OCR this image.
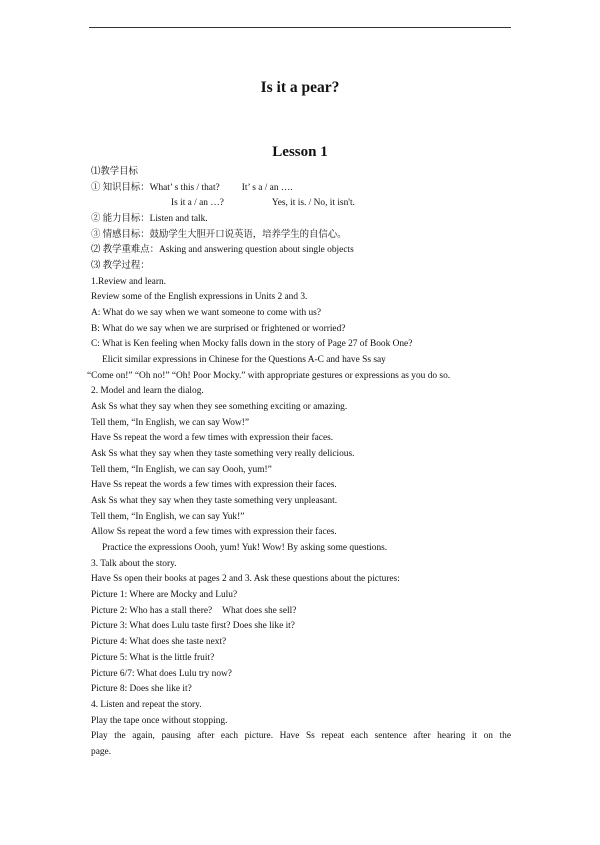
Is it a pear?
Lesson 1
⑴教学目标
① 知识目标：What’ s this / that? It’ s a / an ….
Is it a / an …?	Yes, it is. / No, it isn't.
② 能力目标：Listen and talk.
③ 情感目标：鼓励学生大胆开口说英语，培养学生的自信心。
⑵ 教学重难点：Asking and answering question about single objects
⑶ 教学过程：
1.Review and learn.
Review some of the English expressions in Units 2 and 3.
A: What do we say when we want someone to come with us?
B: What do we say when we are surprised or frightened or worried?
C: What is Ken feeling when Mocky falls down in the story of Page 27 of Book One?
Elicit similar expressions in Chinese for the Questions A-C and have Ss say
“Come on!” “Oh no!” “Oh! Poor Mocky.” with appropriate gestures or expressions as you do so.
2. Model and learn the dialog.
Ask Ss what they say when they see something exciting or amazing.
Tell them, “In English, we can say Wow!”
Have Ss repeat the word a few times with expression their faces.
Ask Ss what they say when they taste something very really delicious.
Tell them, “In English, we can say Oooh, yum!”
Have Ss repeat the words a few times with expression their faces.
Ask Ss what they say when they taste something very unpleasant.
Tell them, “In English, we can say Yuk!”
Allow Ss repeat the word a few times with expression their faces.
Practice the expressions Oooh, yum! Yuk! Wow! By asking some questions.
3. Talk about the story.
Have Ss open their books at pages 2 and 3. Ask these questions about the pictures:
Picture 1: Where are Mocky and Lulu?
Picture 2: Who has a stall there? What does she sell?
Picture 3: What does Lulu taste first? Does she like it?
Picture 4: What does she taste next?
Picture 5: What is the little fruit?
Picture 6/7: What does Lulu try now?
Picture 8: Does she like it?
4. Listen and repeat the story.
Play the tape once without stopping.
Play the again, pausing after each picture. Have Ss repeat each sentence after hearing it on the
page.
